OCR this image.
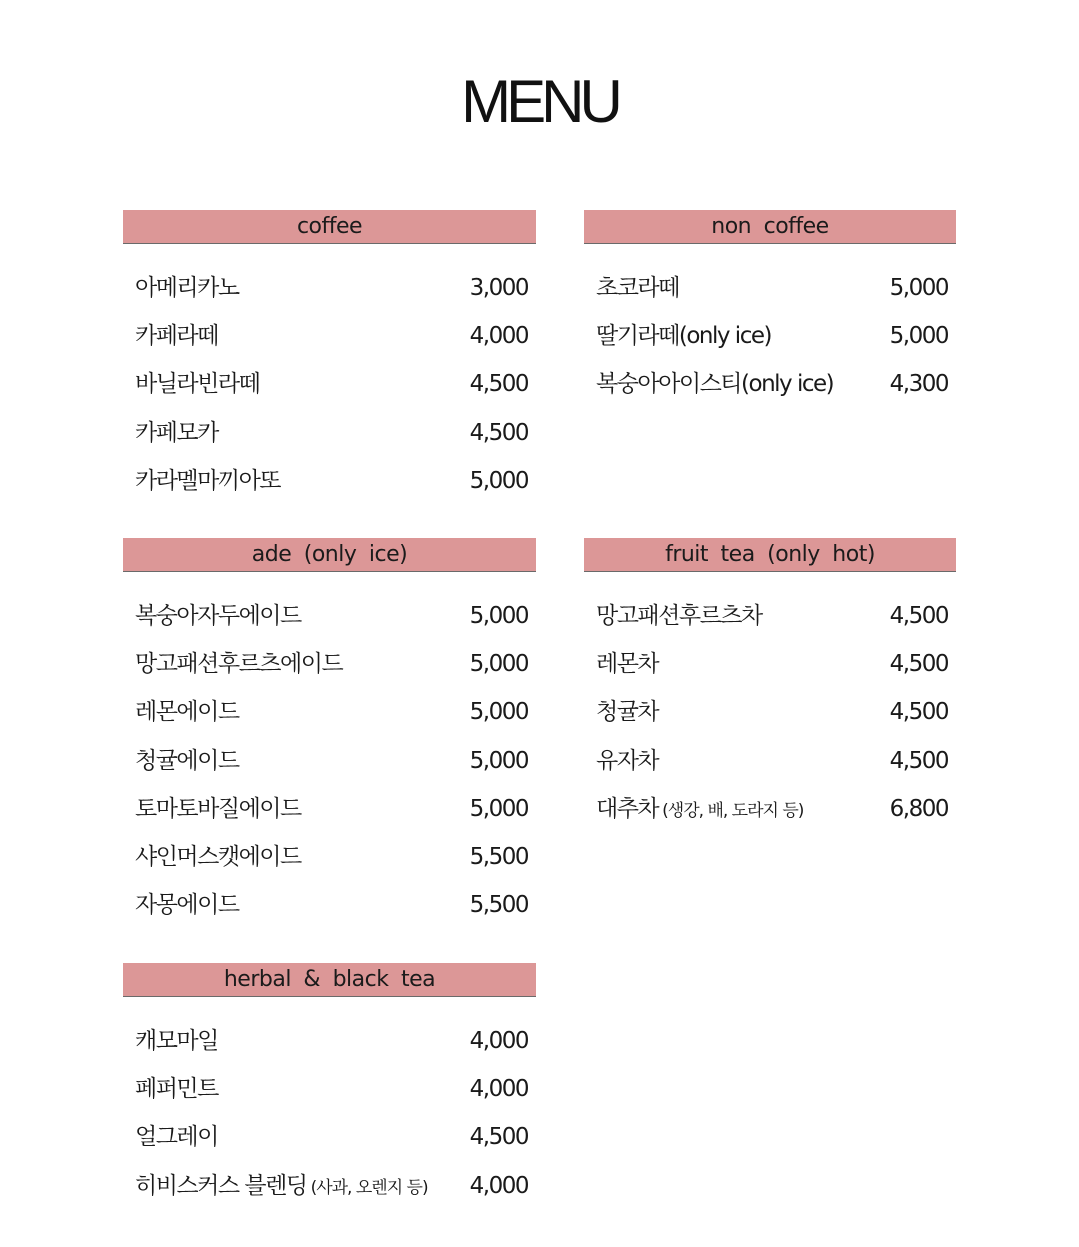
MENU
coffee
아메리카노	3,000
카페라떼	4,000
바닐라빈라떼	4,500
카페모카	4,500
카라멜마끼아또	5,000
non coffee
초코라떼	5,000
딸기라떼(only ice)	5,000
복숭아아이스티(only ice) 4,300
ade (only ice)
복숭아자두에이드	5,000
망고패션후르츠에이드	5,000
레몬에이드	5,000
청귤에이드	5,000
토마토바질에이드	5,000
샤인머스캣에이드	5,500
자몽에이드	5,500
fruit tea (only hot)
망고패션후르츠차	4,500
레몬차	4,500
청귤차	4,500
유자차	4,500
대추차 (생강, 배, 도라지 등)	6,800
herbal & black tea
캐모마일	4,000
페퍼민트	4,000
얼그레이	4,500
히비스커스 블렌딩 (사과, 오렌지 등) 4,000
